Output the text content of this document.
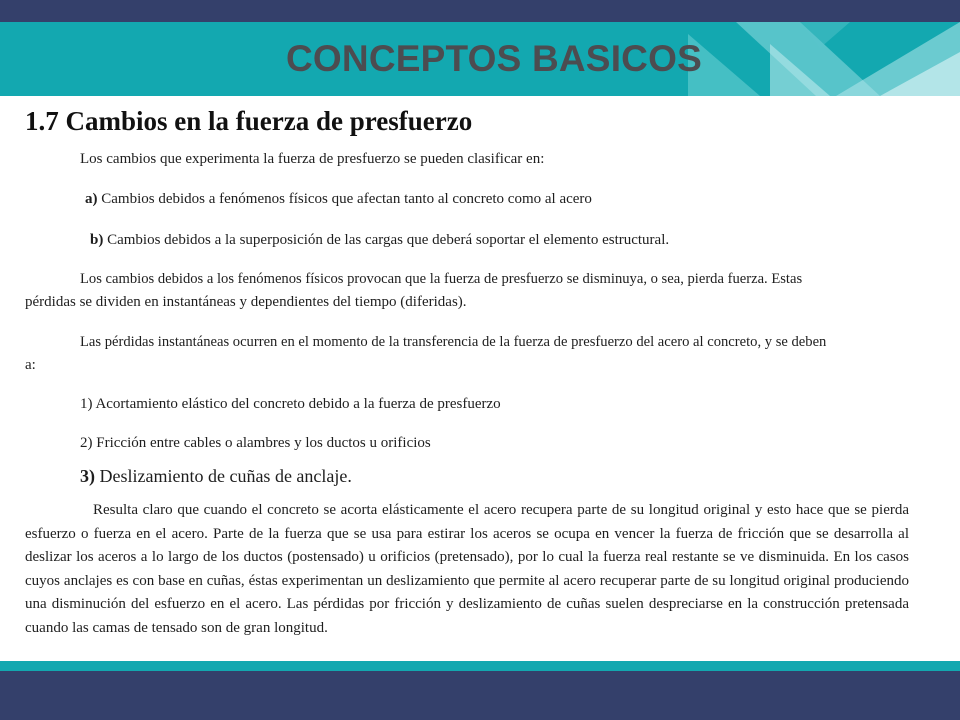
CONCEPTOS BASICOS
1.7 Cambios en la fuerza de presfuerzo
Los cambios que experimenta la fuerza de presfuerzo se pueden clasificar en:
a) Cambios debidos a fenómenos físicos que afectan tanto al concreto como al acero
b) Cambios debidos a la superposición de las cargas que deberá soportar el elemento estructural.
Los cambios debidos a los fenómenos físicos provocan que la fuerza de presfuerzo se disminuya, o sea, pierda fuerza. Estas
pérdidas se dividen en instantáneas y dependientes del tiempo (diferidas).
Las pérdidas instantáneas ocurren en el momento de la transferencia de la fuerza de presfuerzo del acero al concreto, y se deben
a:
1) Acortamiento elástico del concreto debido a la fuerza de presfuerzo
2) Fricción entre cables o alambres y los ductos u orificios
3) Deslizamiento de cuñas de anclaje.
Resulta claro que cuando el concreto se acorta elásticamente el acero recupera parte de su longitud original y esto hace que se pierda esfuerzo o fuerza en el acero. Parte de la fuerza que se usa para estirar los aceros se ocupa en vencer la fuerza de fricción que se desarrolla al deslizar los aceros a lo largo de los ductos (postensado) u orificios (pretensado), por lo cual la fuerza real restante se ve disminuida. En los casos cuyos anclajes es con base en cuñas, éstas experimentan un deslizamiento que permite al acero recuperar parte de su longitud original produciendo una disminución del esfuerzo en el acero. Las pérdidas por fricción y deslizamiento de cuñas suelen despreciarse en la construcción pretensada cuando las camas de tensado son de gran longitud.
